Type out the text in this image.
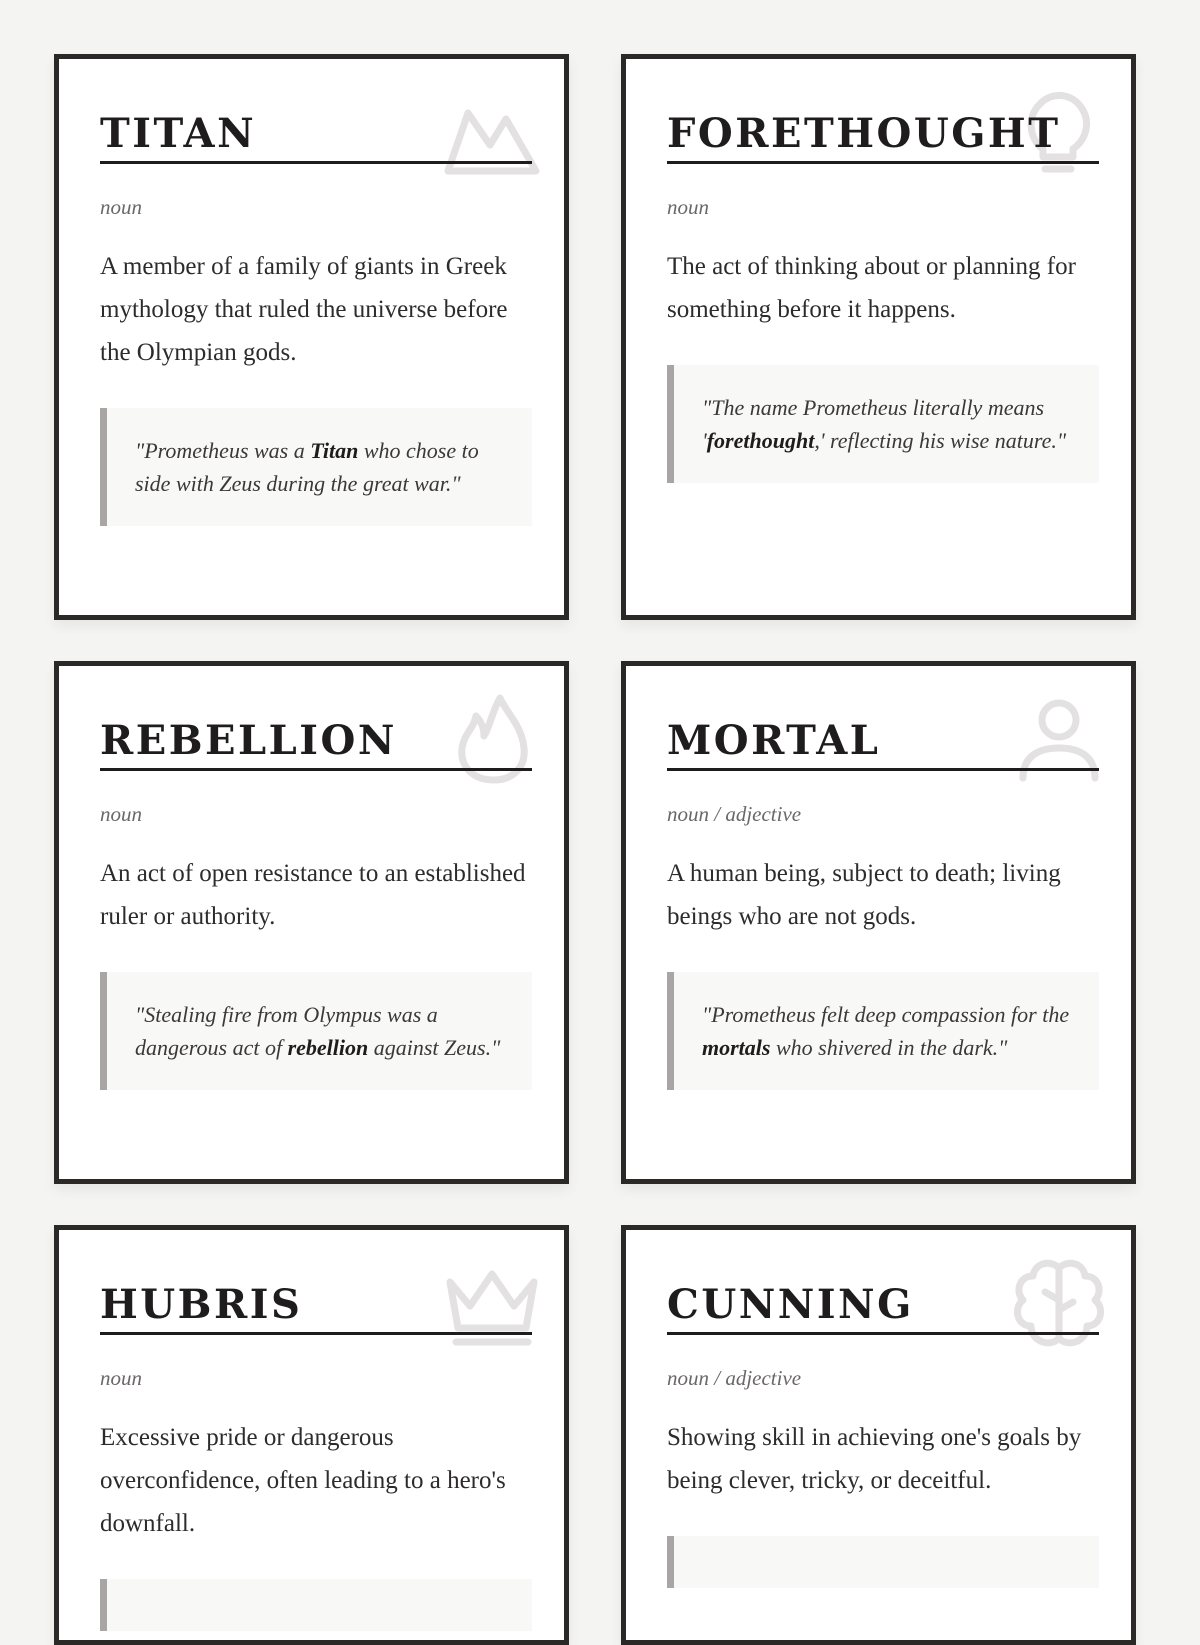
TITAN
noun
A member of a family of giants in Greek mythology that ruled the universe before the Olympian gods.
"Prometheus was a Titan who chose to side with Zeus during the great war."
FORETHOUGHT
noun
The act of thinking about or planning for something before it happens.
"The name Prometheus literally means 'forethought,' reflecting his wise nature."
REBELLION
noun
An act of open resistance to an established ruler or authority.
"Stealing fire from Olympus was a dangerous act of rebellion against Zeus."
MORTAL
noun / adjective
A human being, subject to death; living beings who are not gods.
"Prometheus felt deep compassion for the mortals who shivered in the dark."
HUBRIS
noun
Excessive pride or dangerous overconfidence, often leading to a hero's downfall.
CUNNING
noun / adjective
Showing skill in achieving one's goals by being clever, tricky, or deceitful.
